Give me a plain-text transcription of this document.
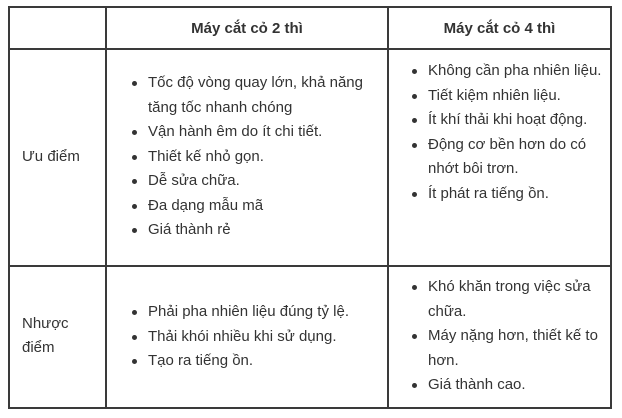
Máy cắt cỏ 2 thì	Máy cắt cỏ 4 thì
Ưu điểm
Tốc độ vòng quay lớn, khả năng tăng tốc nhanh chóng
Vận hành êm do ít chi tiết.
Thiết kế nhỏ gọn.
Dễ sửa chữa.
Đa dạng mẫu mã
Giá thành rẻ
Không cần pha nhiên liệu.
Tiết kiệm nhiên liệu.
Ít khí thải khi hoạt động.
Động cơ bền hơn do có nhớt bôi trơn.
Ít phát ra tiếng ồn.
Nhược điểm
Phải pha nhiên liệu đúng tỷ lệ.
Thải khói nhiều khi sử dụng.
Tạo ra tiếng ồn.
Khó khăn trong việc sửa chữa.
Máy nặng hơn, thiết kế to hơn.
Giá thành cao.
